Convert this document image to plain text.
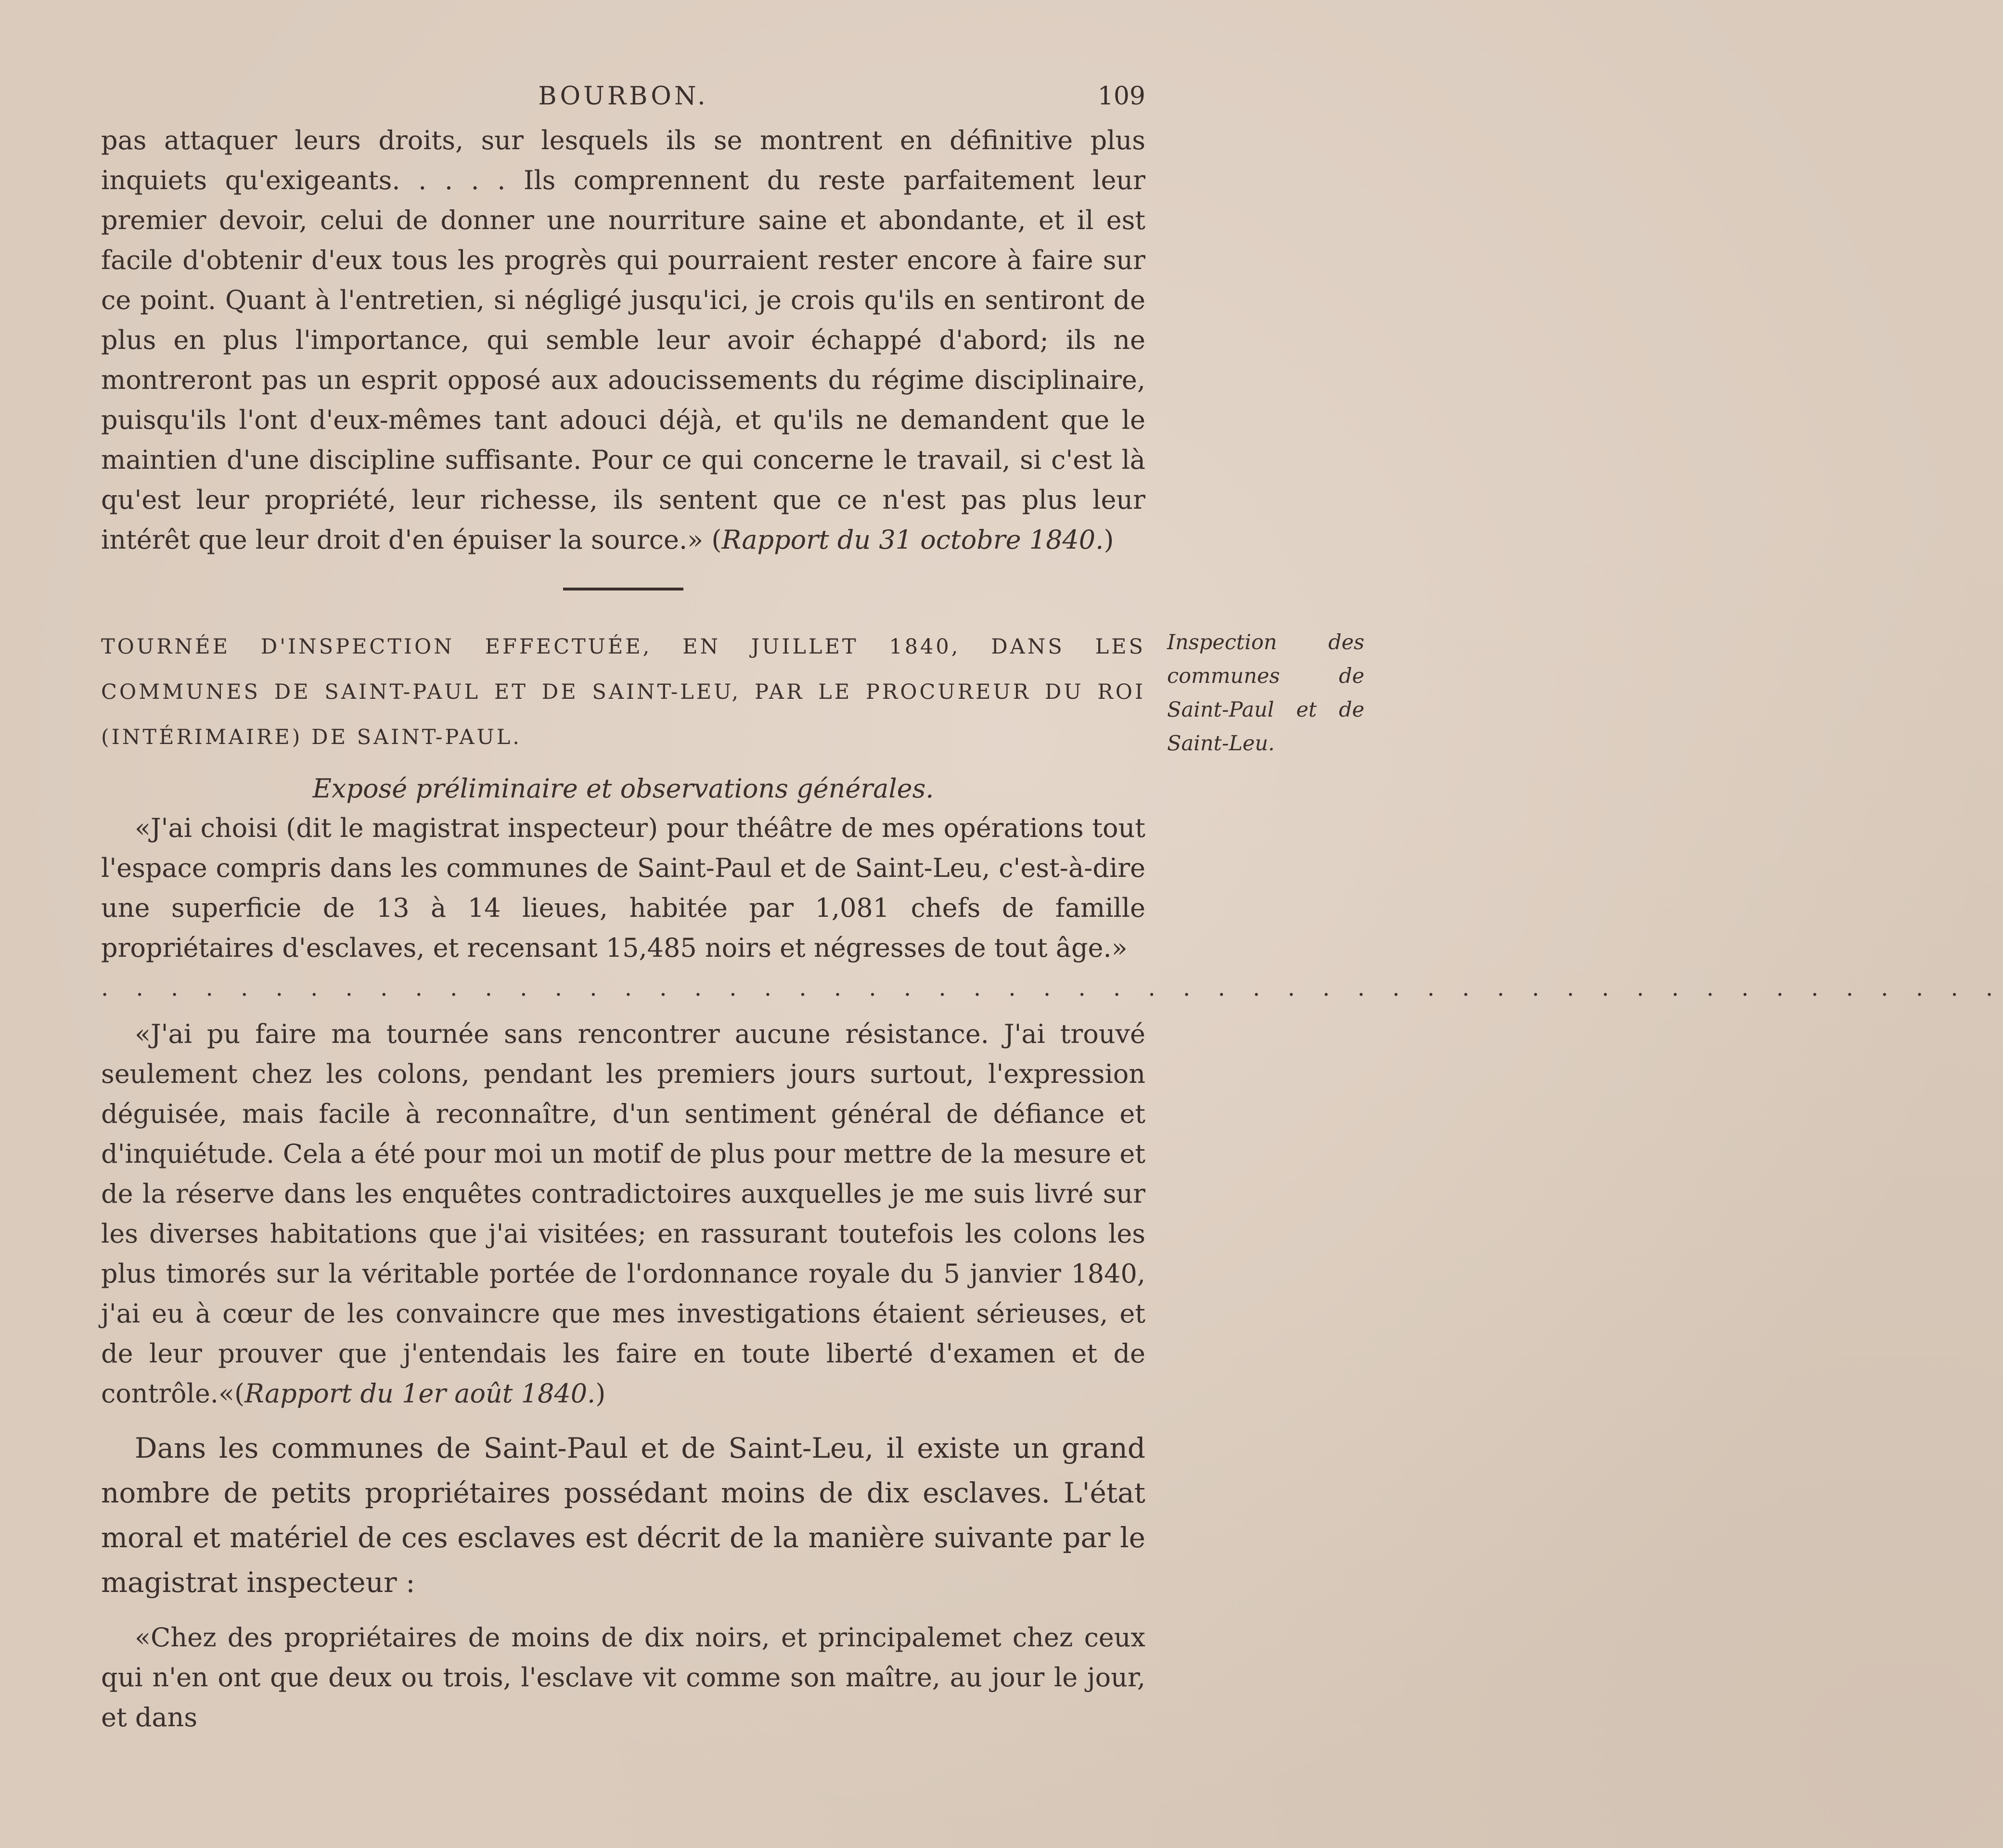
BOURBON.	109

pas attaquer leurs droits, sur lesquels ils se montrent en définitive plus inquiets qu'exigeants. . . . . Ils comprennent du reste parfaitement leur premier devoir, celui de donner une nourriture saine et abondante, et il est facile d'obtenir d'eux tous les progrès qui pourraient rester encore à faire sur ce point. Quant à l'entretien, si négligé jusqu'ici, je crois qu'ils en sentiront de plus en plus l'importance, qui semble leur avoir échappé d'abord; ils ne montreront pas un esprit opposé aux adoucissements du régime disciplinaire, puisqu'ils l'ont d'eux-mêmes tant adouci déjà, et qu'ils ne demandent que le maintien d'une discipline suffisante. Pour ce qui concerne le travail, si c'est là qu'est leur propriété, leur richesse, ils sentent que ce n'est pas plus leur intérêt que leur droit d'en épuiser la source.» (Rapport du 31 octobre 1840.)

TOURNÉE D'INSPECTION EFFECTUÉE, EN JUILLET 1840, DANS LES COMMUNES DE SAINT-PAUL ET DE SAINT-LEU, PAR LE PROCUREUR DU ROI (INTÉRIMAIRE) DE SAINT-PAUL.

Exposé préliminaire et observations générales.

«J'ai choisi (dit le magistrat inspecteur) pour théâtre de mes opérations tout l'espace compris dans les communes de Saint-Paul et de Saint-Leu, c'est-à-dire une superficie de 13 à 14 lieues, habitée par 1,081 chefs de famille propriétaires d'esclaves, et recensant 15,485 noirs et négresses de tout âge.»

. . . . . . . . . . . . . . . . . . . . . . . . . . . . . . . . . . . . . . . . . . . . . . . . . . . . . . .

«J'ai pu faire ma tournée sans rencontrer aucune résistance. J'ai trouvé seulement chez les colons, pendant les premiers jours surtout, l'expression déguisée, mais facile à reconnaître, d'un sentiment général de défiance et d'inquiétude. Cela a été pour moi un motif de plus pour mettre de la mesure et de la réserve dans les enquêtes contradictoires auxquelles je me suis livré sur les diverses habitations que j'ai visitées; en rassurant toutefois les colons les plus timorés sur la véritable portée de l'ordonnance royale du 5 janvier 1840, j'ai eu à cœur de les convaincre que mes investigations étaient sérieuses, et de leur prouver que j'entendais les faire en toute liberté d'examen et de contrôle.«(Rapport du 1er août 1840.)

Dans les communes de Saint-Paul et de Saint-Leu, il existe un grand nombre de petits propriétaires possédant moins de dix esclaves. L'état moral et matériel de ces esclaves est décrit de la manière suivante par le magistrat inspecteur :

«Chez des propriétaires de moins de dix noirs, et principalemet chez ceux qui n'en ont que deux ou trois, l'esclave vit comme son maître, au jour le jour, et dans

Inspection des communes de Saint-Paul et de Saint-Leu.
